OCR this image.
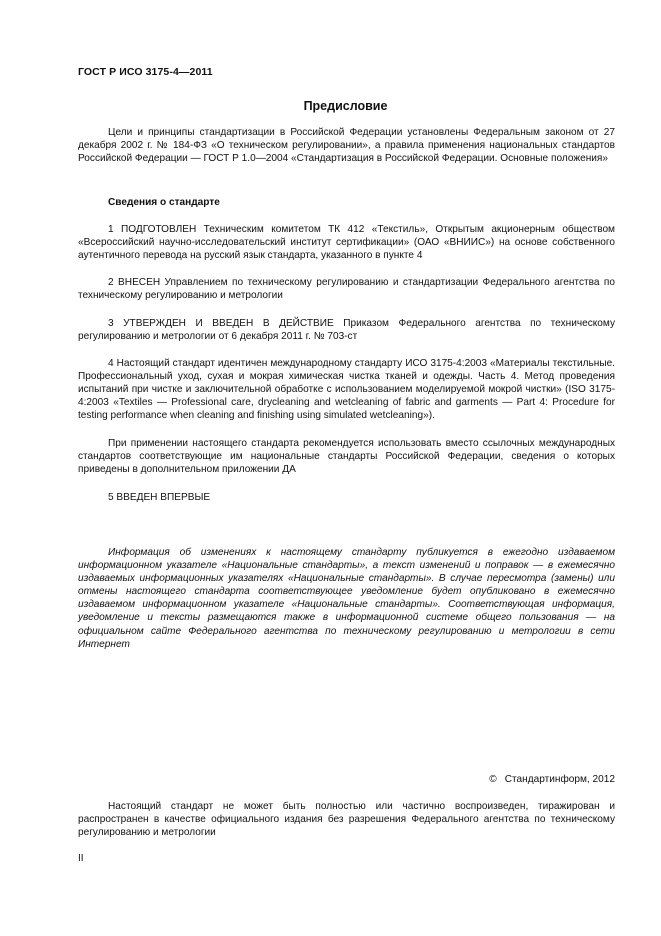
ГОСТ Р ИСО 3175-4—2011
Предисловие

Цели и принципы стандартизации в Российской Федерации установлены Федеральным законом от 27 декабря 2002 г. № 184-ФЗ «О техническом регулировании», а правила применения национальных стандартов Российской Федерации — ГОСТ Р 1.0—2004 «Стандартизация в Российской Федерации. Основные положения»

Сведения о стандарте

1 ПОДГОТОВЛЕН Техническим комитетом ТК 412 «Текстиль», Открытым акционерным обществом «Всероссийский научно-исследовательский институт сертификации» (ОАО «ВНИИС») на основе собственного аутентичного перевода на русский язык стандарта, указанного в пункте 4

2 ВНЕСЕН Управлением по техническому регулированию и стандартизации Федерального агентства по техническому регулированию и метрологии

3 УТВЕРЖДЕН И ВВЕДЕН В ДЕЙСТВИЕ Приказом Федерального агентства по техническому регулированию и метрологии от 6 декабря 2011 г. № 703-ст

4 Настоящий стандарт идентичен международному стандарту ИСО 3175-4:2003 «Материалы текстильные. Профессиональный уход, сухая и мокрая химическая чистка тканей и одежды. Часть 4. Метод проведения испытаний при чистке и заключительной обработке с использованием моделируемой мокрой чистки» (ISO 3175-4:2003 «Textiles — Professional care, drycleaning and wetcleaning of fabric and garments — Part 4: Procedure for testing performance when cleaning and finishing using simulated wetcleaning»).

При применении настоящего стандарта рекомендуется использовать вместо ссылочных международных стандартов соответствующие им национальные стандарты Российской Федерации, сведения о которых приведены в дополнительном приложении ДА

5 ВВЕДЕН ВПЕРВЫЕ

Информация об изменениях к настоящему стандарту публикуется в ежегодно издаваемом информационном указателе «Национальные стандарты», а текст изменений и поправок — в ежемесячно издаваемых информационных указателях «Национальные стандарты». В случае пересмотра (замены) или отмены настоящего стандарта соответствующее уведомление будет опубликовано в ежемесячно издаваемом информационном указателе «Национальные стандарты». Соответствующая информация, уведомление и тексты размещаются также в информационной системе общего пользования — на официальном сайте Федерального агентства по техническому регулированию и метрологии в сети Интернет

© Стандартинформ, 2012

Настоящий стандарт не может быть полностью или частично воспроизведен, тиражирован и распространен в качестве официального издания без разрешения Федерального агентства по техническому регулированию и метрологии

II
